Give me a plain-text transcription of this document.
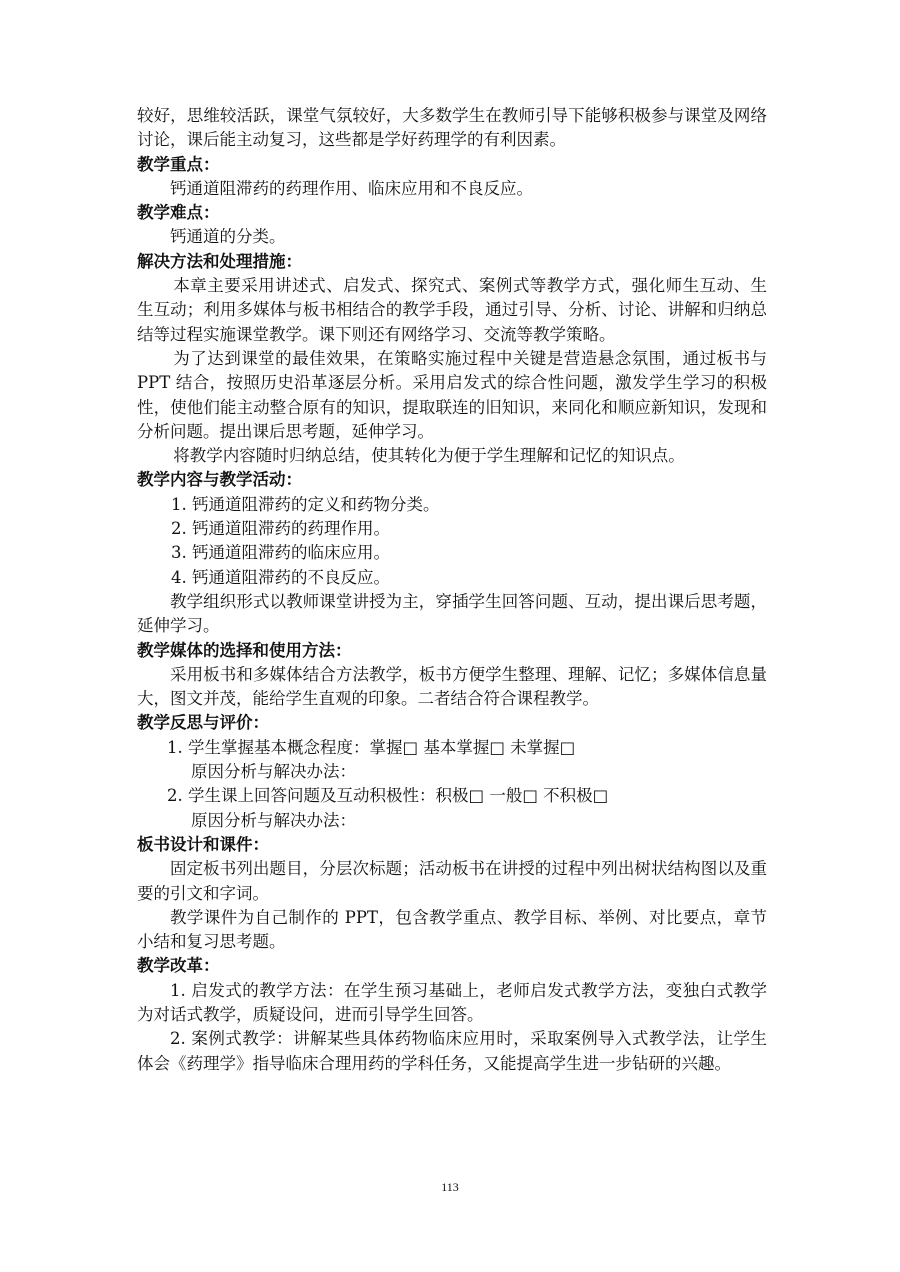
较好，思维较活跃，课堂气氛较好，大多数学生在教师引导下能够积极参与课堂及网络讨论，课后能主动复习，这些都是学好药理学的有利因素。

教学重点：

钙通道阻滞药的药理作用、临床应用和不良反应。

教学难点：

钙通道的分类。

解决方法和处理措施：

本章主要采用讲述式、启发式、探究式、案例式等教学方式，强化师生互动、生生互动；利用多媒体与板书相结合的教学手段，通过引导、分析、讨论、讲解和归纳总结等过程实施课堂教学。课下则还有网络学习、交流等教学策略。

为了达到课堂的最佳效果，在策略实施过程中关键是营造悬念氛围，通过板书与 PPT 结合，按照历史沿革逐层分析。采用启发式的综合性问题，激发学生学习的积极性，使他们能主动整合原有的知识，提取联连的旧知识，来同化和顺应新知识，发现和分析问题。提出课后思考题，延伸学习。

将教学内容随时归纳总结，使其转化为便于学生理解和记忆的知识点。

教学内容与教学活动：

1. 钙通道阻滞药的定义和药物分类。

2. 钙通道阻滞药的药理作用。

3. 钙通道阻滞药的临床应用。

4. 钙通道阻滞药的不良反应。

教学组织形式以教师课堂讲授为主，穿插学生回答问题、互动，提出课后思考题，延伸学习。

教学媒体的选择和使用方法：

采用板书和多媒体结合方法教学，板书方便学生整理、理解、记忆；多媒体信息量大，图文并茂，能给学生直观的印象。二者结合符合课程教学。

教学反思与评价：

1. 学生掌握基本概念程度：掌握□ 基本掌握□ 未掌握□

原因分析与解决办法：

2. 学生课上回答问题及互动积极性：积极□ 一般□ 不积极□

原因分析与解决办法：

板书设计和课件：

固定板书列出题目，分层次标题；活动板书在讲授的过程中列出树状结构图以及重要的引文和字词。

教学课件为自己制作的 PPT，包含教学重点、教学目标、举例、对比要点，章节小结和复习思考题。

教学改革：

1. 启发式的教学方法：在学生预习基础上，老师启发式教学方法，变独白式教学为对话式教学，质疑设问，进而引导学生回答。

2. 案例式教学：讲解某些具体药物临床应用时，采取案例导入式教学法，让学生体会《药理学》指导临床合理用药的学科任务，又能提高学生进一步钻研的兴趣。

113
